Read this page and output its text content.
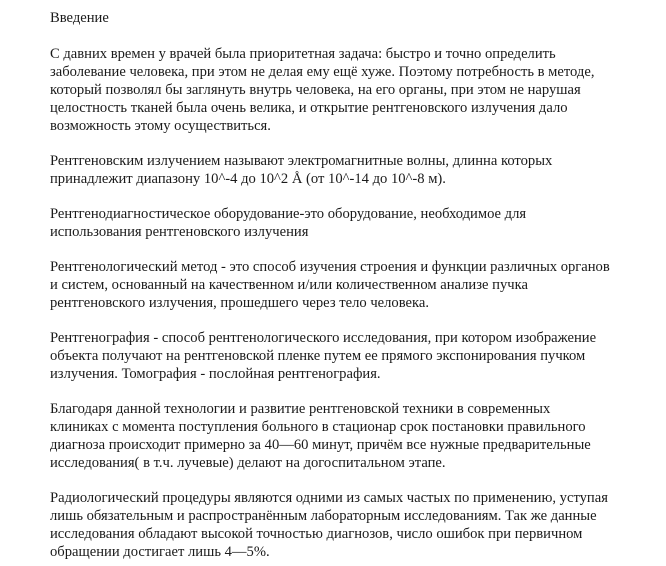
Введение
С давних времен у врачей была приоритетная задача: быстро и точно определить
заболевание человека, при этом не делая ему ещё хуже. Поэтому потребность в методе,
который позволял бы заглянуть внутрь человека, на его органы, при этом не нарушая
целостность тканей была очень велика, и открытие рентгеновского излучения дало
возможность этому осуществиться.
Рентгеновским излучением называют электромагнитные волны, длинна которых
принадлежит диапазону 10^-4 до 10^2 Å (от 10^-14 до 10^-8 м).
Рентгенодиагностическое оборудование-это оборудование, необходимое для
использования рентгеновского излучения
Рентгенологический метод - это способ изучения строения и функции различных органов
и систем, основанный на качественном и/или количественном анализе пучка
рентгеновского излучения, прошедшего через тело человека.
Рентгенография - способ рентгенологического исследования, при котором изображение
объекта получают на рентгеновской пленке путем ее прямого экспонирования пучком
излучения. Томография - послойная рентгенография.
Благодаря данной технологии и развитие рентгеновской техники в современных
клиниках с момента поступления больного в стационар срок постановки правильного
диагноза происходит примерно за 40—60 минут, причём все нужные предварительные
исследования( в т.ч. лучевые) делают на догоспитальном этапе.
Радиологический процедуры являются одними из самых частых по применению, уступая
лишь обязательным и распространённым лабораторным исследованиям. Так же данные
исследования обладают высокой точностью диагнозов, число ошибок при первичном
обращении достигает лишь 4—5%.
